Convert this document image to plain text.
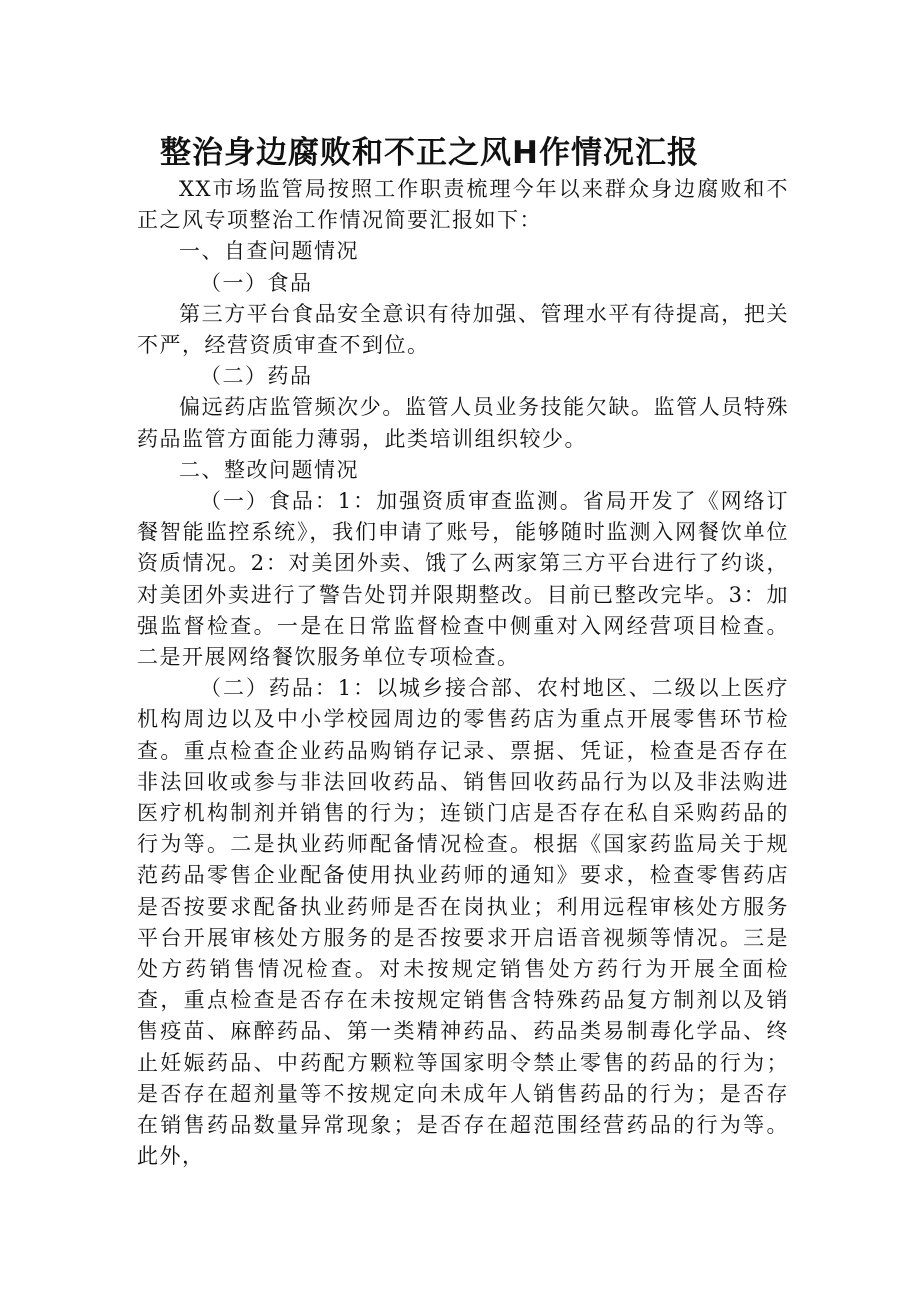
整治身边腐败和不正之风H作情况汇报

XX市场监管局按照工作职责梳理今年以来群众身边腐败和不正之风专项整治工作情况简要汇报如下：

一、自查问题情况

（一）食品

第三方平台食品安全意识有待加强、管理水平有待提高，把关不严，经营资质审查不到位。

（二）药品

偏远药店监管频次少。监管人员业务技能欠缺。监管人员特殊药品监管方面能力薄弱，此类培训组织较少。

二、整改问题情况

（一）食品：1：加强资质审查监测。省局开发了《网络订餐智能监控系统》，我们申请了账号，能够随时监测入网餐饮单位资质情况。2：对美团外卖、饿了么两家第三方平台进行了约谈，对美团外卖进行了警告处罚并限期整改。目前已整改完毕。3：加强监督检查。一是在日常监督检查中侧重对入网经营项目检查。二是开展网络餐饮服务单位专项检查。

（二）药品：1：以城乡接合部、农村地区、二级以上医疗机构周边以及中小学校园周边的零售药店为重点开展零售环节检查。重点检查企业药品购销存记录、票据、凭证，检查是否存在非法回收或参与非法回收药品、销售回收药品行为以及非法购进医疗机构制剂并销售的行为；连锁门店是否存在私自采购药品的行为等。二是执业药师配备情况检查。根据《国家药监局关于规范药品零售企业配备使用执业药师的通知》要求，检查零售药店是否按要求配备执业药师是否在岗执业；利用远程审核处方服务平台开展审核处方服务的是否按要求开启语音视频等情况。三是处方药销售情况检查。对未按规定销售处方药行为开展全面检查，重点检查是否存在未按规定销售含特殊药品复方制剂以及销售疫苗、麻醉药品、第一类精神药品、药品类易制毒化学品、终止妊娠药品、中药配方颗粒等国家明令禁止零售的药品的行为；是否存在超剂量等不按规定向未成年人销售药品的行为；是否存在销售药品数量异常现象；是否存在超范围经营药品的行为等。此外，
